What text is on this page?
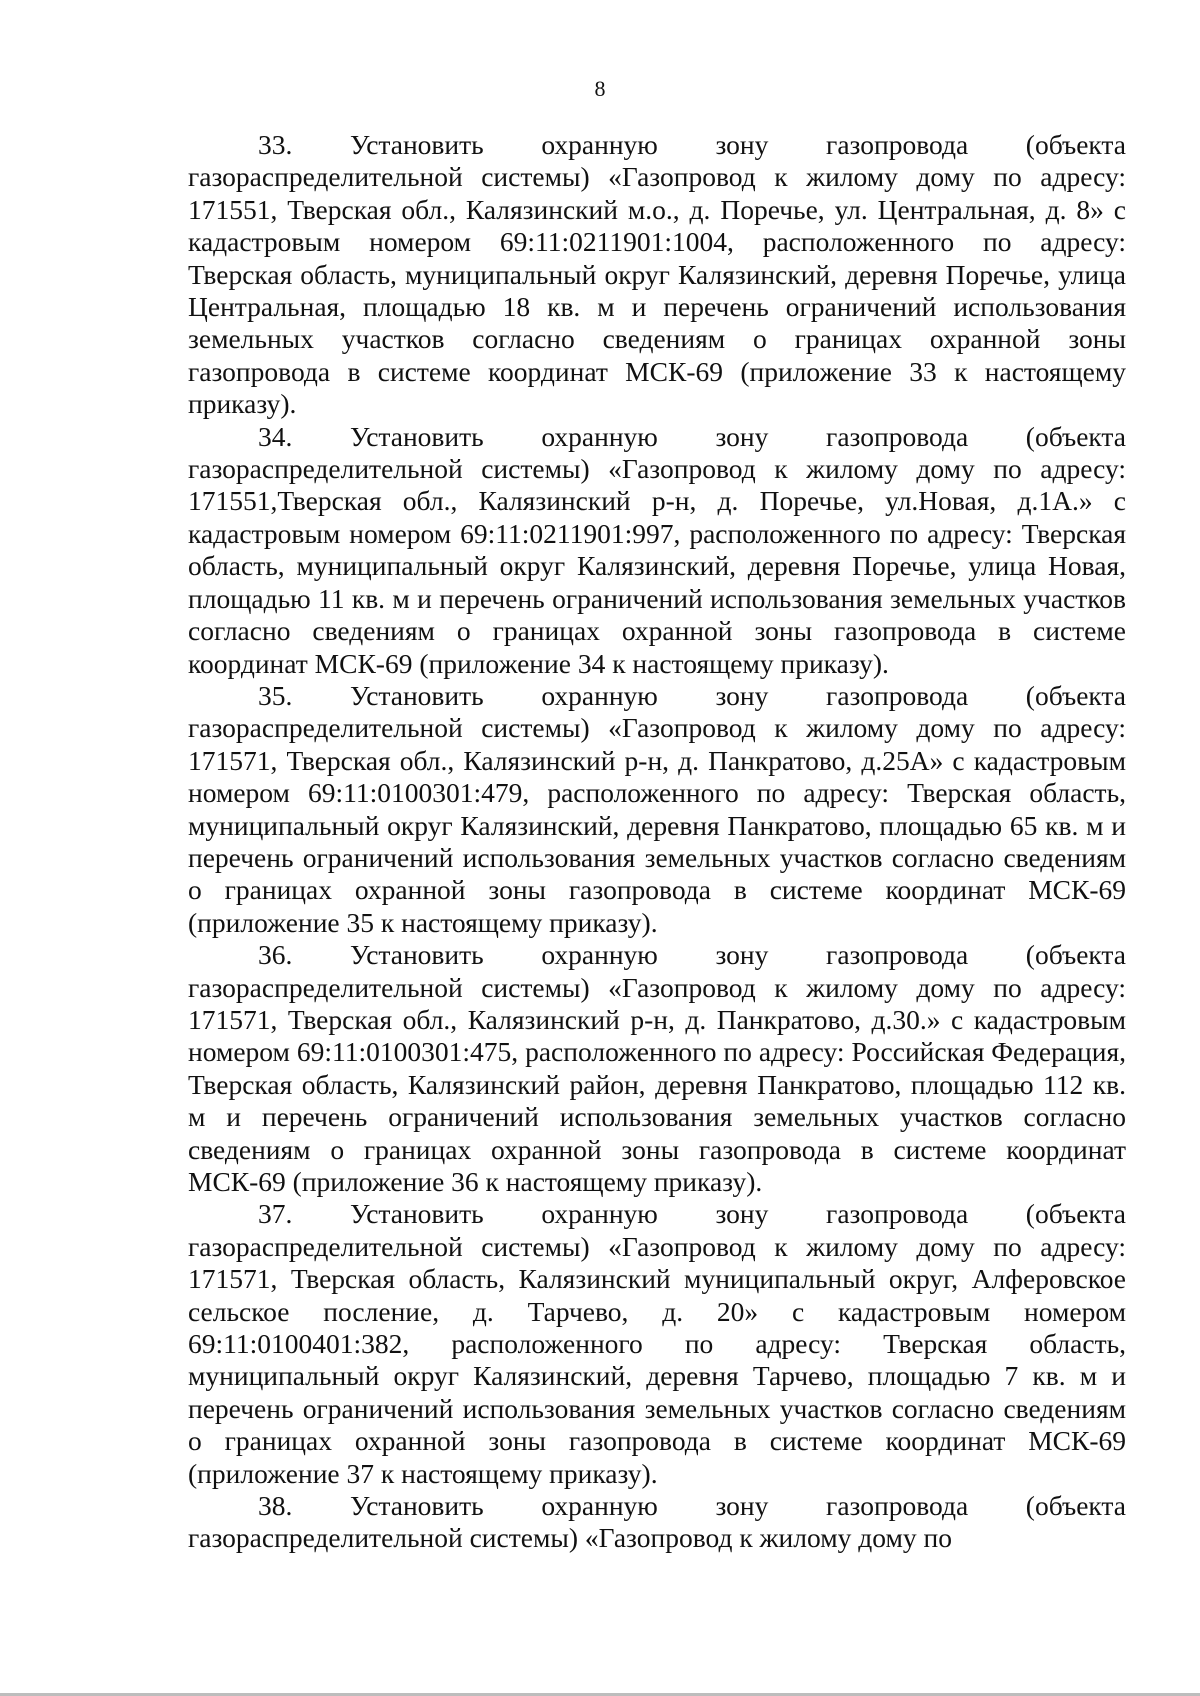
8

33. Установить охранную зону газопровода (объекта газораспределительной системы) «Газопровод к жилому дому по адресу: 171551, Тверская обл., Калязинский м.о., д. Поречье, ул. Центральная, д. 8» с кадастровым номером 69:11:0211901:1004, расположенного по адресу: Тверская область, муниципальный округ Калязинский, деревня Поречье, улица Центральная, площадью 18 кв. м и перечень ограничений использования земельных участков согласно сведениям о границах охранной зоны газопровода в системе координат МСК-69 (приложение 33 к настоящему приказу).

34. Установить охранную зону газопровода (объекта газораспределительной системы) «Газопровод к жилому дому по адресу: 171551,Тверская обл., Калязинский р-н, д. Поречье, ул.Новая, д.1А.» с кадастровым номером 69:11:0211901:997, расположенного по адресу: Тверская область, муниципальный округ Калязинский, деревня Поречье, улица Новая, площадью 11 кв. м и перечень ограничений использования земельных участков согласно сведениям о границах охранной зоны газопровода в системе координат МСК-69 (приложение 34 к настоящему приказу).

35. Установить охранную зону газопровода (объекта газораспределительной системы) «Газопровод к жилому дому по адресу: 171571, Тверская обл., Калязинский р-н, д. Панкратово, д.25А» с кадастровым номером 69:11:0100301:479, расположенного по адресу: Тверская область, муниципальный округ Калязинский, деревня Панкратово, площадью 65 кв. м и перечень ограничений использования земельных участков согласно сведениям о границах охранной зоны газопровода в системе координат МСК-69 (приложение 35 к настоящему приказу).

36. Установить охранную зону газопровода (объекта газораспределительной системы) «Газопровод к жилому дому по адресу: 171571, Тверская обл., Калязинский р-н, д. Панкратово, д.30.» с кадастровым номером 69:11:0100301:475, расположенного по адресу: Российская Федерация, Тверская область, Калязинский район, деревня Панкратово, площадью 112 кв. м и перечень ограничений использования земельных участков согласно сведениям о границах охранной зоны газопровода в системе координат МСК-69 (приложение 36 к настоящему приказу).

37. Установить охранную зону газопровода (объекта газораспределительной системы) «Газопровод к жилому дому по адресу: 171571, Тверская область, Калязинский муниципальный округ, Алферовское сельское посление, д. Тарчево, д. 20» с кадастровым номером 69:11:0100401:382, расположенного по адресу: Тверская область, муниципальный округ Калязинский, деревня Тарчево, площадью 7 кв. м и перечень ограничений использования земельных участков согласно сведениям о границах охранной зоны газопровода в системе координат МСК-69 (приложение 37 к настоящему приказу).

38. Установить охранную зону газопровода (объекта газораспределительной системы) «Газопровод к жилому дому по
